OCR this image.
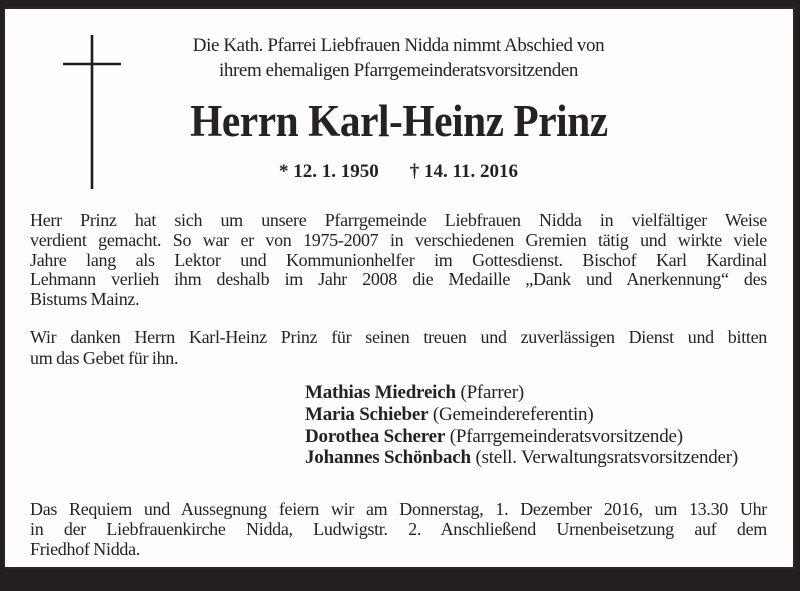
Die Kath. Pfarrei Liebfrauen Nidda nimmt Abschied von
ihrem ehemaligen Pfarrgemeinderatsvorsitzenden
Herrn Karl-Heinz Prinz
* 12. 1. 1950 † 14. 11. 2016
Herr Prinz hat sich um unsere Pfarrgemeinde Liebfrauen Nidda in vielfältiger Weise
verdient gemacht. So war er von 1975-2007 in verschiedenen Gremien tätig und wirkte viele
Jahre lang als Lektor und Kommunionhelfer im Gottesdienst. Bischof Karl Kardinal
Lehmann verlieh ihm deshalb im Jahr 2008 die Medaille „Dank und Anerkennung“ des
Bistums Mainz.
Wir danken Herrn Karl-Heinz Prinz für seinen treuen und zuverlässigen Dienst und bitten
um das Gebet für ihn.
Mathias Miedreich (Pfarrer)
Maria Schieber (Gemeindereferentin)
Dorothea Scherer (Pfarrgemeinderatsvorsitzende)
Johannes Schönbach (stell. Verwaltungsratsvorsitzender)
Das Requiem und Aussegnung feiern wir am Donnerstag, 1. Dezember 2016, um 13.30 Uhr
in der Liebfrauenkirche Nidda, Ludwigstr. 2. Anschließend Urnenbeisetzung auf dem
Friedhof Nidda.
